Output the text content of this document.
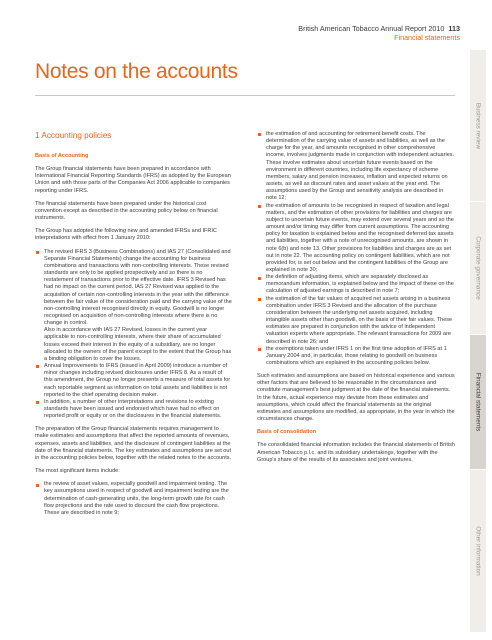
British American Tobacco Annual Report 2010 113
Financial statements
Notes on the accounts
1 Accounting policies

Basis of Accounting

The Group financial statements have been prepared in accordance with International Financial Reporting Standards (IFRS) as adopted by the European Union and with those parts of the Companies Act 2006 applicable to companies reporting under IFRS.

The financial statements have been prepared under the historical cost convention except as described in the accounting policy below on financial instruments.

The Group has adopted the following new and amended IFRSs and IFRIC interpretations with effect from 1 January 2010:

The revised IFRS 3 (Business Combinations) and IAS 27 (Consolidated and Separate Financial Statements) change the accounting for business combinations and transactions with non-controlling interests. These revised standards are only to be applied prospectively and so there is no restatement of transactions prior to the effective date. IFRS 3 Revised has had no impact on the current period. IAS 27 Revised was applied to the acquisition of certain non-controlling interests in the year with the difference between the fair value of the consideration paid and the carrying value of the non-controlling interest recognised directly in equity. Goodwill is no longer recognised on acquisition of non-controlling interests where there is no change in control.
Also in accordance with IAS 27 Revised, losses in the current year applicable to non-controlling interests, where their share of accumulated losses exceed their interest in the equity of a subsidiary, are no longer allocated to the owners of the parent except to the extent that the Group has a binding obligation to cover the losses.
Annual Improvements to IFRS (issued in April 2009) introduce a number of minor changes including revised disclosures under IFRS 8. As a result of this amendment, the Group no longer presents a measure of total assets for each reportable segment as information on total assets and liabilities is not reported to the chief operating decision maker.
In addition, a number of other interpretations and revisions to existing standards have been issued and endorsed which have had no effect on reported profit or equity or on the disclosures in the financial statements.

The preparation of the Group financial statements requires management to make estimates and assumptions that affect the reported amounts of revenues, expenses, assets and liabilities, and the disclosure of contingent liabilities at the date of the financial statements. The key estimates and assumptions are set out in the accounting policies below, together with the related notes to the accounts.

The most significant items include:

the review of asset values, especially goodwill and impairment testing. The key assumptions used in respect of goodwill and impairment testing are the determination of cash-generating units, the long-term growth rate for cash flow projections and the rate used to discount the cash flow projections. These are described in note 9;
the estimation of and accounting for retirement benefit costs. The determination of the carrying value of assets and liabilities, as well as the charge for the year, and amounts recognised in other comprehensive income, involves judgments made in conjunction with independent actuaries. These involve estimates about uncertain future events based on the environment in different countries, including life expectancy of scheme members, salary and pension increases, inflation and expected returns on assets, as well as discount rates and asset values at the year end. The assumptions used by the Group and sensitivity analysis are described in note 12;
the estimation of amounts to be recognised in respect of taxation and legal matters, and the estimation of other provisions for liabilities and charges are subject to uncertain future events, may extend over several years and so the amount and/or timing may differ from current assumptions. The accounting policy for taxation is explained below and the recognised deferred tax assets and liabilities, together with a note of unrecognised amounts, are shown in note 6(b) and note 13. Other provisions for liabilities and charges are as set out in note 22. The accounting policy on contingent liabilities, which are not provided for, is set out below and the contingent liabilities of the Group are explained in note 30;
the definition of adjusting items, which are separately disclosed as memorandum information, is explained below and the impact of these on the calculation of adjusted earnings is described in note 7;
the estimation of the fair values of acquired net assets arising in a business combination under IFRS 3 Revised and the allocation of the purchase consideration between the underlying net assets acquired, including intangible assets other than goodwill, on the basis of their fair values. These estimates are prepared in conjunction with the advice of independent valuation experts where appropriate. The relevant transactions for 2009 are described in note 26; and
the exemptions taken under IFRS 1 on the first time adoption of IFRS at 1 January 2004 and, in particular, those relating to goodwill on business combinations which are explained in the accounting policies below.

Such estimates and assumptions are based on historical experience and various other factors that are believed to be reasonable in the circumstances and constitute management's best judgment at the date of the financial statements. In the future, actual experience may deviate from these estimates and assumptions, which could affect the financial statements as the original estimates and assumptions are modified, as appropriate, in the year in which the circumstances change.

Basis of consolidation

The consolidated financial information includes the financial statements of British American Tobacco p.l.c. and its subsidiary undertakings, together with the Group's share of the results of its associates and joint ventures.

Business review
Corporate governance
Financial statements
Other information
